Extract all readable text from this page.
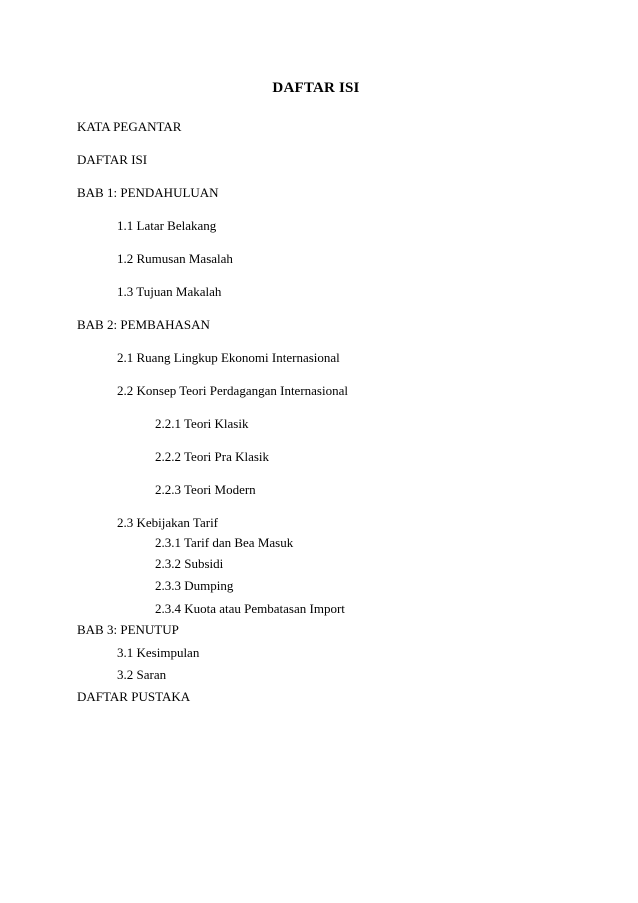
DAFTAR ISI
KATA PEGANTAR
DAFTAR ISI
BAB 1: PENDAHULUAN
1.1 Latar Belakang
1.2 Rumusan Masalah
1.3 Tujuan Makalah
BAB 2: PEMBAHASAN
2.1 Ruang Lingkup Ekonomi Internasional
2.2 Konsep Teori Perdagangan Internasional
2.2.1 Teori Klasik
2.2.2 Teori Pra Klasik
2.2.3 Teori Modern
2.3 Kebijakan Tarif
2.3.1 Tarif dan Bea Masuk
2.3.2 Subsidi
2.3.3 Dumping
2.3.4 Kuota atau Pembatasan Import
BAB 3: PENUTUP
3.1 Kesimpulan
3.2 Saran
DAFTAR PUSTAKA
